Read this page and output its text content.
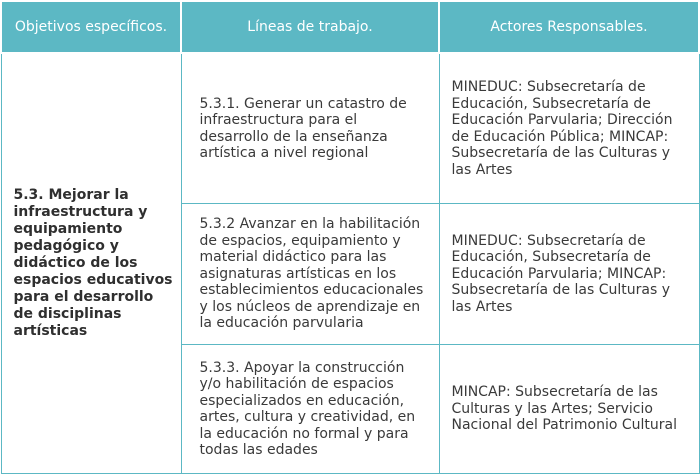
Objetivos específicos.	Líneas de trabajo.	Actores Responsables.

5.3. Mejorar la infraestructura y equipamiento pedagógico y didáctico de los espacios educativos para el desarrollo de disciplinas artísticas	5.3.1. Generar un catastro de infraestructura para el desarrollo de la enseñanza artística a nivel regional	MINEDUC: Subsecretaría de Educación, Subsecretaría de Educación Parvularia; Dirección de Educación Pública; MINCAP: Subsecretaría de las Culturas y las Artes

	5.3.2 Avanzar en la habilitación de espacios, equipamiento y material didáctico para las asignaturas artísticas en los establecimientos educacionales y los núcleos de aprendizaje en la educación parvularia	MINEDUC: Subsecretaría de Educación, Subsecretaría de Educación Parvularia; MINCAP: Subsecretaría de las Culturas y las Artes

	5.3.3. Apoyar la construcción y/o habilitación de espacios especializados en educación, artes, cultura y creatividad, en la educación no formal y para todas las edades	MINCAP: Subsecretaría de las Culturas y las Artes; Servicio Nacional del Patrimonio Cultural
